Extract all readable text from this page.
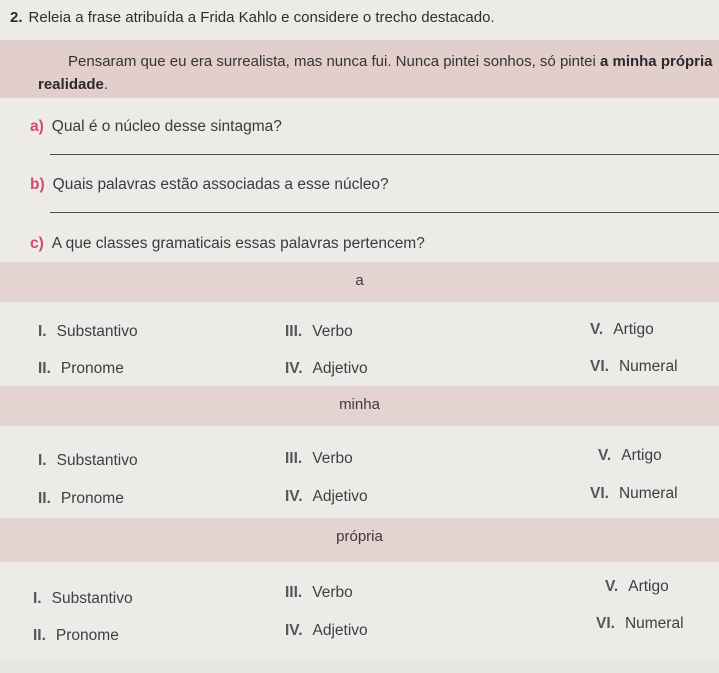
2. Releia a frase atribuída a Frida Kahlo e considere o trecho destacado.
Pensaram que eu era surrealista, mas nunca fui. Nunca pintei sonhos, só pintei a minha própria realidade.
a) Qual é o núcleo desse sintagma?
b) Quais palavras estão associadas a esse núcleo?
c) A que classes gramaticais essas palavras pertencem?
a
I. Substantivo
II. Pronome
III. Verbo
IV. Adjetivo
V. Artigo
VI. Numeral
minha
I. Substantivo
II. Pronome
III. Verbo
IV. Adjetivo
V. Artigo
VI. Numeral
própria
I. Substantivo
II. Pronome
III. Verbo
IV. Adjetivo
V. Artigo
VI. Numeral
